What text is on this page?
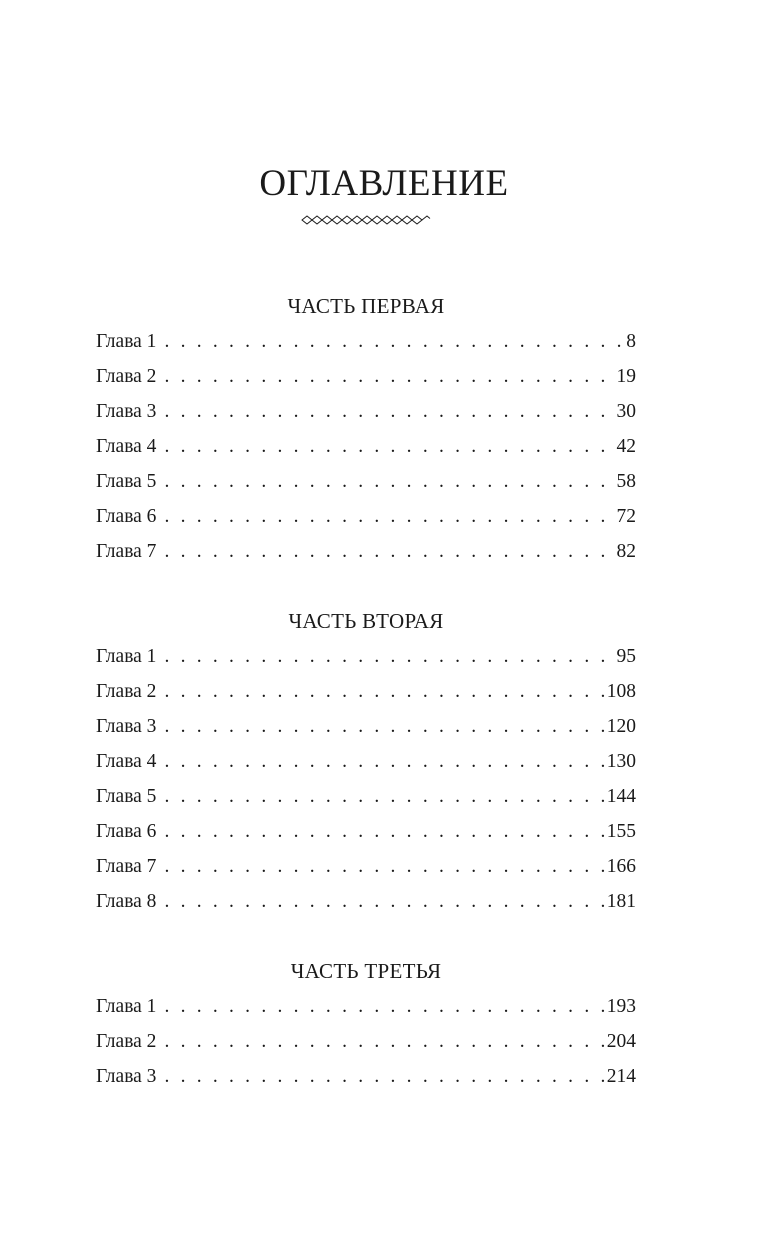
ОГЛАВЛЕНИЕ
ЧАСТЬ ПЕРВАЯ
Глава 1 . . .	8
Глава 2 . . .	19
Глава 3 . . .	30
Глава 4 . . .	42
Глава 5 . . .	58
Глава 6 . . .	72
Глава 7 . . .	82
ЧАСТЬ ВТОРАЯ
Глава 1 . . .	95
Глава 2 . . .	108
Глава 3 . . .	120
Глава 4 . . .	130
Глава 5 . . .	144
Глава 6 . . .	155
Глава 7 . . .	166
Глава 8 . . .	181
ЧАСТЬ ТРЕТЬЯ
Глава 1 . . .	193
Глава 2 . . .	204
Глава 3 . . .	214
